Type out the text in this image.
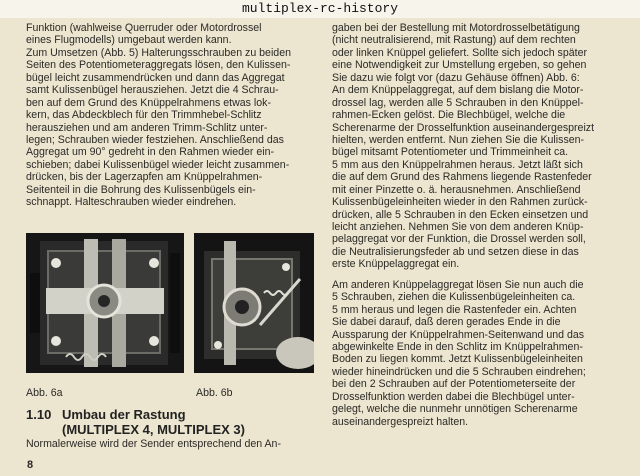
multiplex-rc-history
Funktion (wahlweise Querruder oder Motordrossel
eines Flugmodells) umgebaut werden kann.
Zum Umsetzen (Abb. 5) Halterungsschrauben zu beiden
Seiten des Potentiometeraggregats lösen, den Kulissen-
bügel leicht zusammendrücken und dann das Aggregat
samt Kulissenbügel herausziehen. Jetzt die 4 Schrau-
ben auf dem Grund des Knüppelrahmens etwas lok-
kern, das Abdeckblech für den Trimmhebel-Schlitz
herausziehen und am anderen Trimm-Schlitz unter-
legen; Schrauben wieder festziehen. Anschließend das
Aggregat um 90° gedreht in den Rahmen wieder ein-
schieben; dabei Kulissenbügel wieder leicht zusammen-
drücken, bis der Lagerzapfen am Knüppelrahmen-
Seitenteil in die Bohrung des Kulissenbügels ein-
schnappt. Halteschrauben wieder eindrehen.
Abb. 6a	Abb. 6b
1.10 Umbau der Rastung
(MULTIPLEX 4, MULTIPLEX 3)
Normalerweise wird der Sender entsprechend den An-
8
gaben bei der Bestellung mit Motordrosselbetätigung
(nicht neutralisierend, mit Rastung) auf dem rechten
oder linken Knüppel geliefert. Sollte sich jedoch später
eine Notwendigkeit zur Umstellung ergeben, so gehen
Sie dazu wie folgt vor (dazu Gehäuse öffnen) Abb. 6:
An dem Knüppelaggregat, auf dem bislang die Motor-
drossel lag, werden alle 5 Schrauben in den Knüppel-
rahmen-Ecken gelöst. Die Blechbügel, welche die
Scherenarme der Drosselfunktion auseinandergespreizt
hielten, werden entfernt. Nun ziehen Sie die Kulissen-
bügel mitsamt Potentiometer und Trimmeinheit ca.
5 mm aus den Knüppelrahmen heraus. Jetzt läßt sich
die auf dem Grund des Rahmens liegende Rastenfeder
mit einer Pinzette o. ä. herausnehmen. Anschließend
Kulissenbügeleinheiten wieder in den Rahmen zurück-
drücken, alle 5 Schrauben in den Ecken einsetzen und
leicht anziehen. Nehmen Sie von dem anderen Knüp-
pelaggregat vor der Funktion, die Drossel werden soll,
die Neutralisierungsfeder ab und setzen diese in das
erste Knüppelaggregat ein.
Am anderen Knüppelaggregat lösen Sie nun auch die
5 Schrauben, ziehen die Kulissenbügeleinheiten ca.
5 mm heraus und legen die Rastenfeder ein. Achten
Sie dabei darauf, daß deren gerades Ende in die
Aussparung der Knüppelrahmen-Seitenwand und das
abgewinkelte Ende in den Schlitz im Knüppelrahmen-
Boden zu liegen kommt. Jetzt Kulissenbügeleinheiten
wieder hineindrücken und die 5 Schrauben eindrehen;
bei den 2 Schrauben auf der Potentiometerseite der
Drosselfunktion werden dabei die Blechbügel unter-
gelegt, welche die nunmehr unnötigen Scherenarme
auseinandergespreizt halten.
